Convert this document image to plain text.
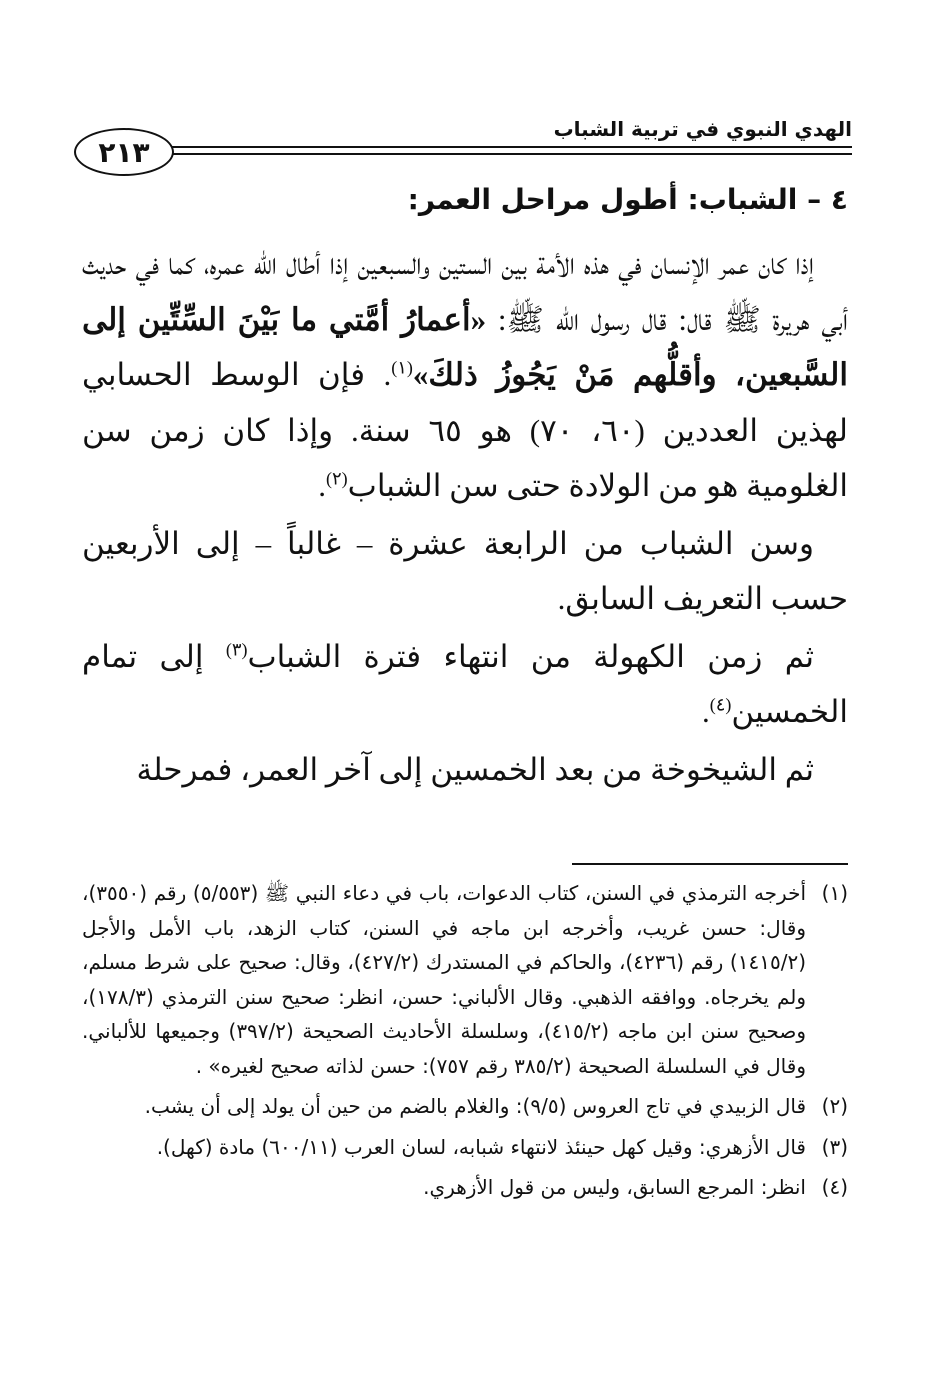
الهدي النبوي في تربية الشباب
٢١٣
٤ – الشباب: أطول مراحل العمر:

إذا كان عمر الإنسان في هذه الأمة بين الستين والسبعين إذا أطال الله عمره، كما في حديث أبي هريرة ﷺ قال: قال رسول الله ﷺ: «أعمارُ أمَّتي ما بَيْنَ السِّتِّين إلى السَّبعين، وأقلُّهم مَنْ يَجُوزُ ذلكَ»$^{(١)}$. فإن الوسط الحسابي لهذين العددين (٦٠، ٧٠) هو ٦٥ سنة. وإذا كان زمن سن الغلومية هو من الولادة حتى سن الشباب$^{(٢)}$.

وسن الشباب من الرابعة عشرة – غالباً – إلى الأربعين حسب التعريف السابق.

ثم زمن الكهولة من انتهاء فترة الشباب$^{(٣)}$ إلى تمام الخمسين$^{(٤)}$.

ثم الشيخوخة من بعد الخمسين إلى آخر العمر، فمرحلة

(١)
أخرجه الترمذي في السنن، كتاب الدعوات، باب في دعاء النبي ﷺ (٥/٥٥٣) رقم (٣٥٥٠)، وقال: حسن غريب، وأخرجه ابن ماجه في السنن، كتاب الزهد، باب الأمل والأجل (١٤١٥/٢) رقم (٤٢٣٦)، والحاكم في المستدرك (٤٢٧/٢)، وقال: صحيح على شرط مسلم، ولم يخرجاه. ووافقه الذهبي. وقال الألباني: حسن، انظر: صحيح سنن الترمذي (١٧٨/٣)، وصحيح سنن ابن ماجه (٤١٥/٢)، وسلسلة الأحاديث الصحيحة (٣٩٧/٢) وجميعها للألباني. وقال في السلسلة الصحيحة (٣٨٥/٢ رقم ٧٥٧): حسن لذاته صحيح لغيره» .
(٢)
قال الزبيدي في تاج العروس (٩/٥): والغلام بالضم من حين أن يولد إلى أن يشب.
(٣)
قال الأزهري: وقيل كهل حينئذ لانتهاء شبابه، لسان العرب (٦٠٠/١١) مادة (كهل).
(٤)
انظر: المرجع السابق، وليس من قول الأزهري.
